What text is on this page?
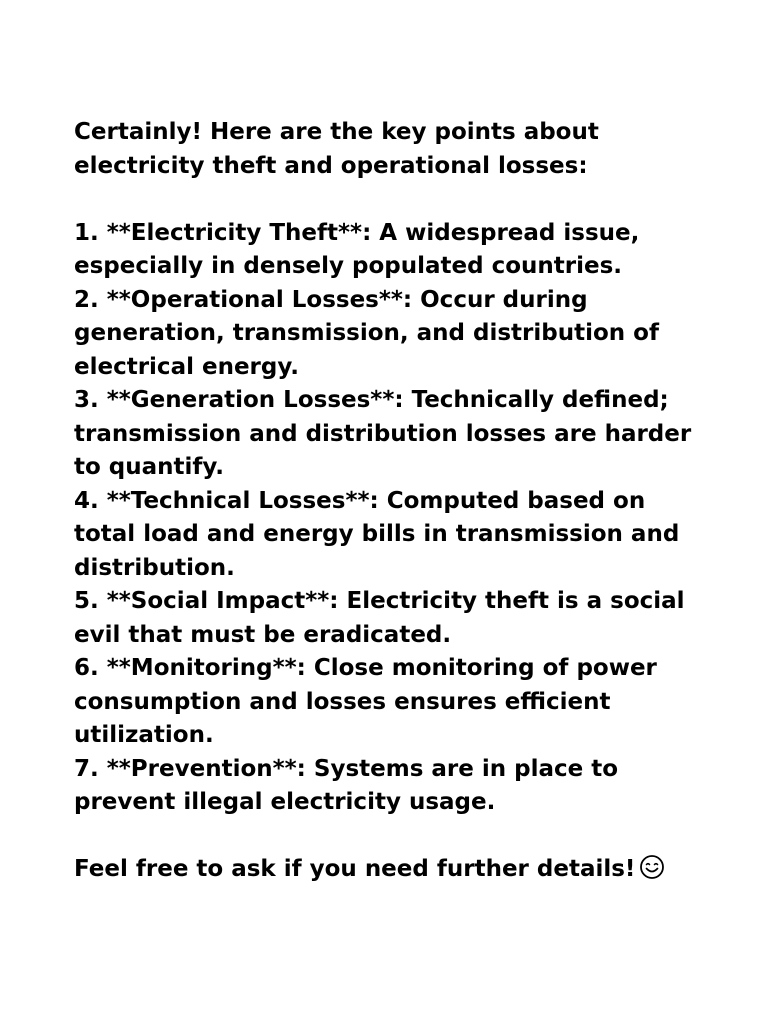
Certainly! Here are the key points about electricity theft and operational losses:

1. **Electricity Theft**: A widespread issue, especially in densely populated countries.
2. **Operational Losses**: Occur during generation, transmission, and distribution of electrical energy.
3. **Generation Losses**: Technically defined; transmission and distribution losses are harder to quantify.
4. **Technical Losses**: Computed based on total load and energy bills in transmission and distribution.
5. **Social Impact**: Electricity theft is a social evil that must be eradicated.
6. **Monitoring**: Close monitoring of power consumption and losses ensures efficient utilization.
7. **Prevention**: Systems are in place to prevent illegal electricity usage.

Feel free to ask if you need further details!
